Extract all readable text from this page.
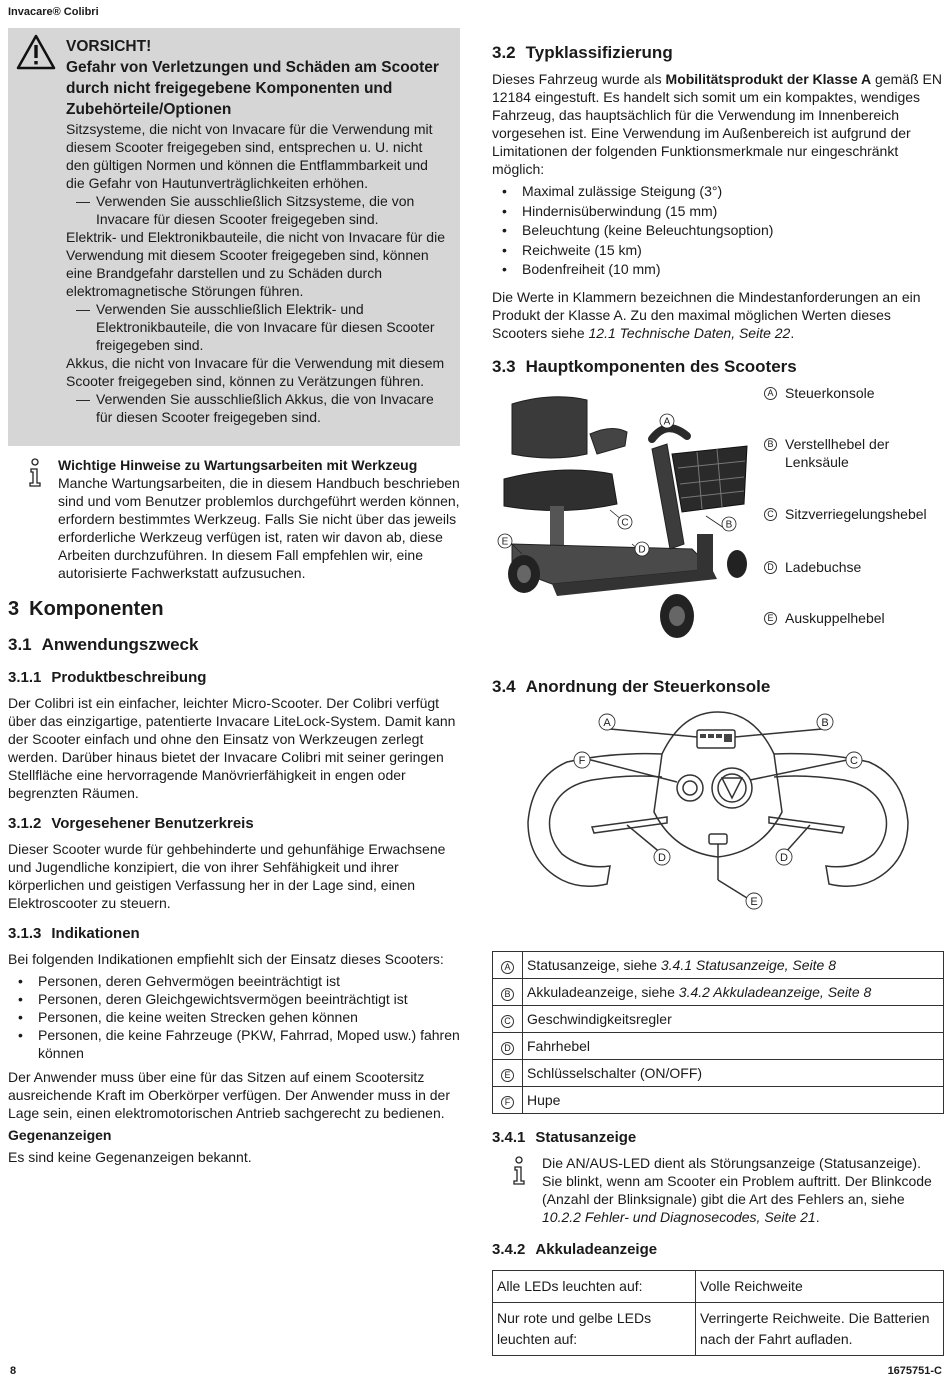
Invacare® Colibri
VORSICHT!
Gefahr von Verletzungen und Schäden am Scooter durch nicht freigegebene Komponenten und Zubehörteile/Optionen

Sitzsysteme, die nicht von Invacare für die Verwendung mit diesem Scooter freigegeben sind, entsprechen u. U. nicht den gültigen Normen und können die Entflammbarkeit und die Gefahr von Hautunverträglichkeiten erhöhen.

— Verwenden Sie ausschließlich Sitzsysteme, die von Invacare für diesen Scooter freigegeben sind.

Elektrik- und Elektronikbauteile, die nicht von Invacare für die Verwendung mit diesem Scooter freigegeben sind, können eine Brandgefahr darstellen und zu Schäden durch elektromagnetische Störungen führen.

— Verwenden Sie ausschließlich Elektrik- und Elektronikbauteile, die von Invacare für diesen Scooter freigegeben sind.

Akkus, die nicht von Invacare für die Verwendung mit diesem Scooter freigegeben sind, können zu Verätzungen führen.

— Verwenden Sie ausschließlich Akkus, die von Invacare für diesen Scooter freigegeben sind.

Wichtige Hinweise zu Wartungsarbeiten mit Werkzeug
Manche Wartungsarbeiten, die in diesem Handbuch beschrieben sind und vom Benutzer problemlos durchgeführt werden können, erfordern bestimmtes Werkzeug. Falls Sie nicht über das jeweils erforderliche Werkzeug verfügen ist, raten wir davon ab, diese Arbeiten durchzuführen. In diesem Fall empfehlen wir, eine autorisierte Fachwerkstatt aufzusuchen.
3 Komponenten
3.1 Anwendungszweck
3.1.1 Produktbeschreibung

Der Colibri ist ein einfacher, leichter Micro-Scooter. Der Colibri verfügt über das einzigartige, patentierte Invacare LiteLock-System. Damit kann der Scooter einfach und ohne den Einsatz von Werkzeugen zerlegt werden. Darüber hinaus bietet der Invacare Colibri mit seiner geringen Stellfläche eine hervorragende Manövrierfähigkeit in engen oder begrenzten Räumen.

3.1.2 Vorgesehener Benutzerkreis

Dieser Scooter wurde für gehbehinderte und gehunfähige Erwachsene und Jugendliche konzipiert, die von ihrer Sehfähigkeit und ihrer körperlichen und geistigen Verfassung her in der Lage sind, einen Elektroscooter zu steuern.

3.1.3 Indikationen

Bei folgenden Indikationen empfiehlt sich der Einsatz dieses Scooters:

• Personen, deren Gehvermögen beeinträchtigt ist
• Personen, deren Gleichgewichtsvermögen beeinträchtigt ist
• Personen, die keine weiten Strecken gehen können
• Personen, die keine Fahrzeuge (PKW, Fahrrad, Moped usw.) fahren können

Der Anwender muss über eine für das Sitzen auf einem Scootersitz ausreichende Kraft im Oberkörper verfügen. Der Anwender muss in der Lage sein, einen elektromotorischen Antrieb sachgerecht zu bedienen.

Gegenanzeigen

Es sind keine Gegenanzeigen bekannt.

3.2 Typklassifizierung

Dieses Fahrzeug wurde als Mobilitätsprodukt der Klasse A gemäß EN 12184 eingestuft. Es handelt sich somit um ein kompaktes, wendiges Fahrzeug, das hauptsächlich für die Verwendung im Innenbereich vorgesehen ist. Eine Verwendung im Außenbereich ist aufgrund der Limitationen der folgenden Funktionsmerkmale nur eingeschränkt möglich:

• Maximal zulässige Steigung (3°)
• Hindernisüberwindung (15 mm)
• Beleuchtung (keine Beleuchtungsoption)
• Reichweite (15 km)
• Bodenfreiheit (10 mm)

Die Werte in Klammern bezeichnen die Mindestanforderungen an ein Produkt der Klasse A. Zu den maximal möglichen Werten dieses Scooters siehe 12.1 Technische Daten, Seite 22.

3.3 Hauptkomponenten des Scooters
A
B
C
D
E
A Steuerkonsole
B Verstellhebel der Lenksäule
C Sitzverriegelungshebel
D Ladebuchse
E Auskuppelhebel
3.4 Anordnung der Steuerkonsole
A	B
C
D	D
E
F
A	Statusanzeige, siehe 3.4.1 Statusanzeige, Seite 8
B	Akkuladeanzeige, siehe 3.4.2 Akkuladeanzeige, Seite 8
C	Geschwindigkeitsregler
D	Fahrhebel
E	Schlüsselschalter (ON/OFF)
F	Hupe
3.4.1 Statusanzeige
Die AN/AUS-LED dient als Störungsanzeige (Statusanzeige). Sie blinkt, wenn am Scooter ein Problem auftritt. Der Blinkcode (Anzahl der Blinksignale) gibt die Art des Fehlers an, siehe 10.2.2 Fehler- und Diagnosecodes, Seite 21.
3.4.2 Akkuladeanzeige
Alle LEDs leuchten auf:	Volle Reichweite
Nur rote und gelbe LEDs leuchten auf:	Verringerte Reichweite. Die Batterien nach der Fahrt aufladen.
8	1675751-C
